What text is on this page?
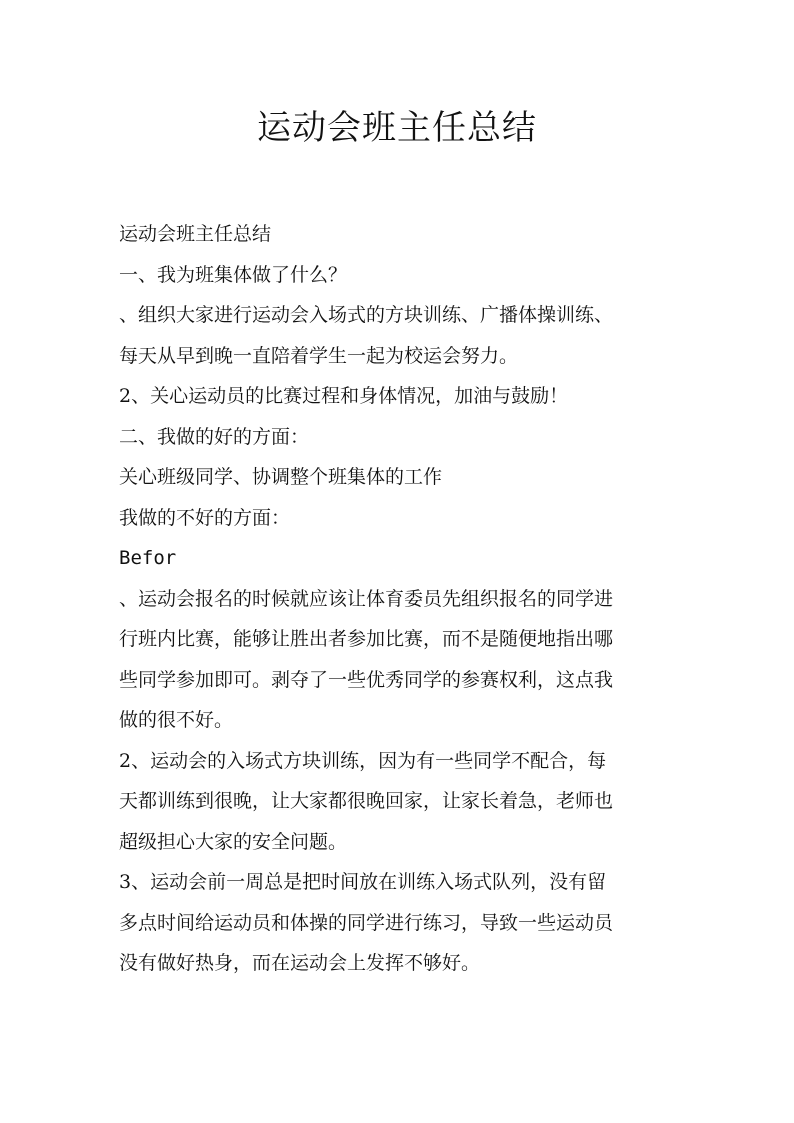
运动会班主任总结
运动会班主任总结
一、我为班集体做了什么？
、组织大家进行运动会入场式的方块训练、广播体操训练、
每天从早到晚一直陪着学生一起为校运会努力。
2、关心运动员的比赛过程和身体情况，加油与鼓励！
二、我做的好的方面：
关心班级同学、协调整个班集体的工作
我做的不好的方面：
Befor
、运动会报名的时候就应该让体育委员先组织报名的同学进
行班内比赛，能够让胜出者参加比赛，而不是随便地指出哪
些同学参加即可。剥夺了一些优秀同学的参赛权利，这点我
做的很不好。
2、运动会的入场式方块训练，因为有一些同学不配合，每
天都训练到很晚，让大家都很晚回家，让家长着急，老师也
超级担心大家的安全问题。
3、运动会前一周总是把时间放在训练入场式队列，没有留
多点时间给运动员和体操的同学进行练习，导致一些运动员
没有做好热身，而在运动会上发挥不够好。
